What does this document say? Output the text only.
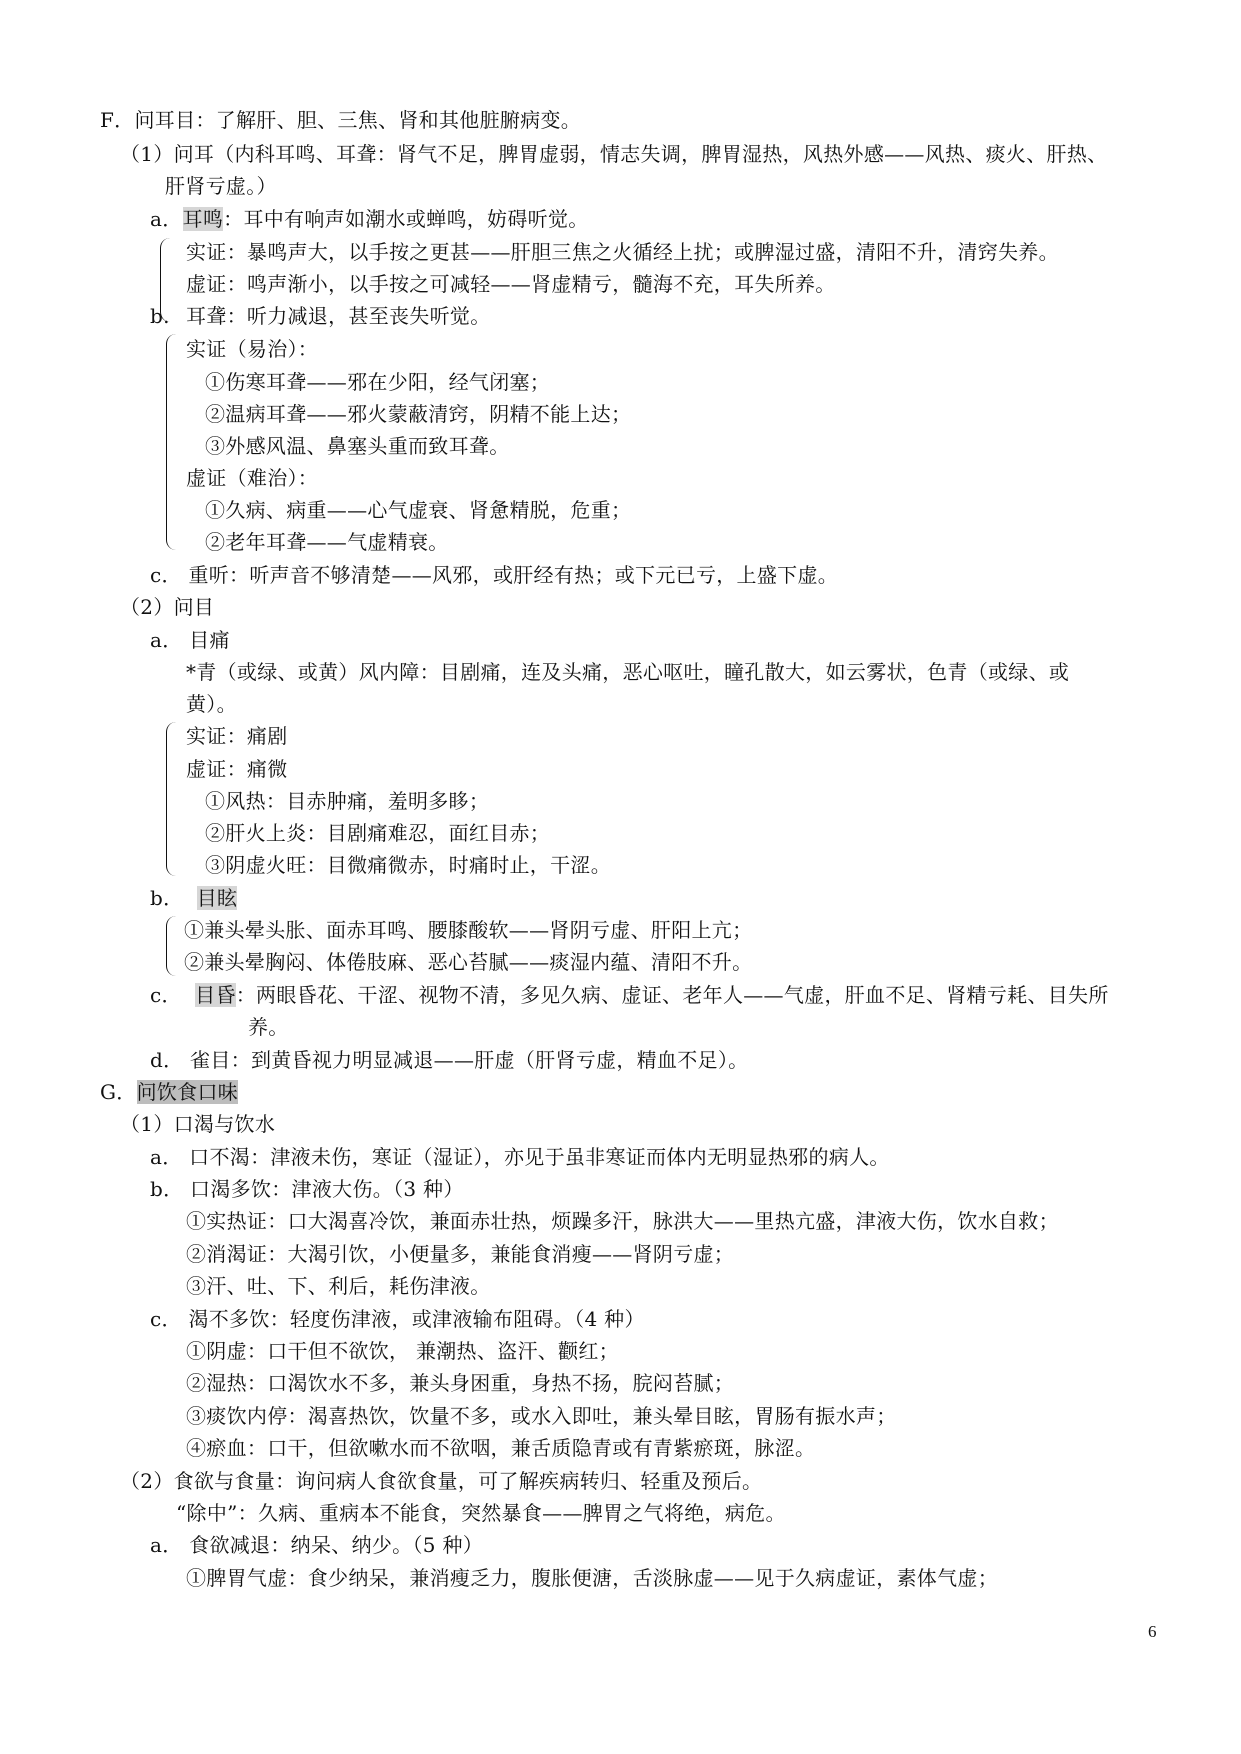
F．问耳目：了解肝、胆、三焦、肾和其他脏腑病变。
（1）问耳（内科耳鸣、耳聋：肾气不足，脾胃虚弱，情志失调，脾胃湿热，风热外感——风热、痰火、肝热、
肝肾亏虚。）
a．耳鸣：耳中有响声如潮水或蝉鸣，妨碍听觉。
实证：暴鸣声大，以手按之更甚——肝胆三焦之火循经上扰；或脾湿过盛，清阳不升，清窍失养。
虚证：鸣声渐小，以手按之可减轻——肾虚精亏，髓海不充，耳失所养。
b. 耳聋：听力减退，甚至丧失听觉。
实证（易治）：
①伤寒耳聋——邪在少阳，经气闭塞；
②温病耳聋——邪火蒙蔽清窍，阴精不能上达；
③外感风温、鼻塞头重而致耳聋。
虚证（难治）：
①久病、病重——心气虚衰、肾惫精脱，危重；
②老年耳聋——气虚精衰。
c． 重听：听声音不够清楚——风邪，或肝经有热；或下元已亏，上盛下虚。
（2）问目
a． 目痛
*青（或绿、或黄）风内障：目剧痛，连及头痛，恶心呕吐，瞳孔散大，如云雾状，色青（或绿、或
黄）。
实证：痛剧
虚证：痛微
①风热：目赤肿痛，羞明多眵；
②肝火上炎：目剧痛难忍，面红目赤；
③阴虚火旺：目微痛微赤，时痛时止，干涩。
b． 目眩
①兼头晕头胀、面赤耳鸣、腰膝酸软——肾阴亏虚、肝阳上亢；
②兼头晕胸闷、体倦肢麻、恶心苔腻——痰湿内蕴、清阳不升。
c． 目昏：两眼昏花、干涩、视物不清，多见久病、虚证、老年人——气虚，肝血不足、肾精亏耗、目失所
养。
d． 雀目：到黄昏视力明显减退——肝虚（肝肾亏虚，精血不足）。
G．问饮食口味
（1）口渴与饮水
a． 口不渴：津液未伤，寒证（湿证），亦见于虽非寒证而体内无明显热邪的病人。
b． 口渴多饮：津液大伤。（3 种）
①实热证：口大渴喜冷饮，兼面赤壮热，烦躁多汗，脉洪大——里热亢盛，津液大伤，饮水自救；
②消渴证：大渴引饮，小便量多，兼能食消瘦——肾阴亏虚；
③汗、吐、下、利后，耗伤津液。
c． 渴不多饮：轻度伤津液，或津液输布阻碍。（4 种）
①阴虚：口干但不欲饮， 兼潮热、盗汗、颧红；
②湿热：口渴饮水不多，兼头身困重，身热不扬，脘闷苔腻；
③痰饮内停：渴喜热饮，饮量不多，或水入即吐，兼头晕目眩，胃肠有振水声；
④瘀血：口干，但欲嗽水而不欲咽，兼舌质隐青或有青紫瘀斑，脉涩。
（2）食欲与食量：询问病人食欲食量，可了解疾病转归、轻重及预后。
“除中”：久病、重病本不能食，突然暴食——脾胃之气将绝，病危。
a． 食欲减退：纳呆、纳少。（5 种）
①脾胃气虚：食少纳呆，兼消瘦乏力，腹胀便溏，舌淡脉虚——见于久病虚证，素体气虚；
6
